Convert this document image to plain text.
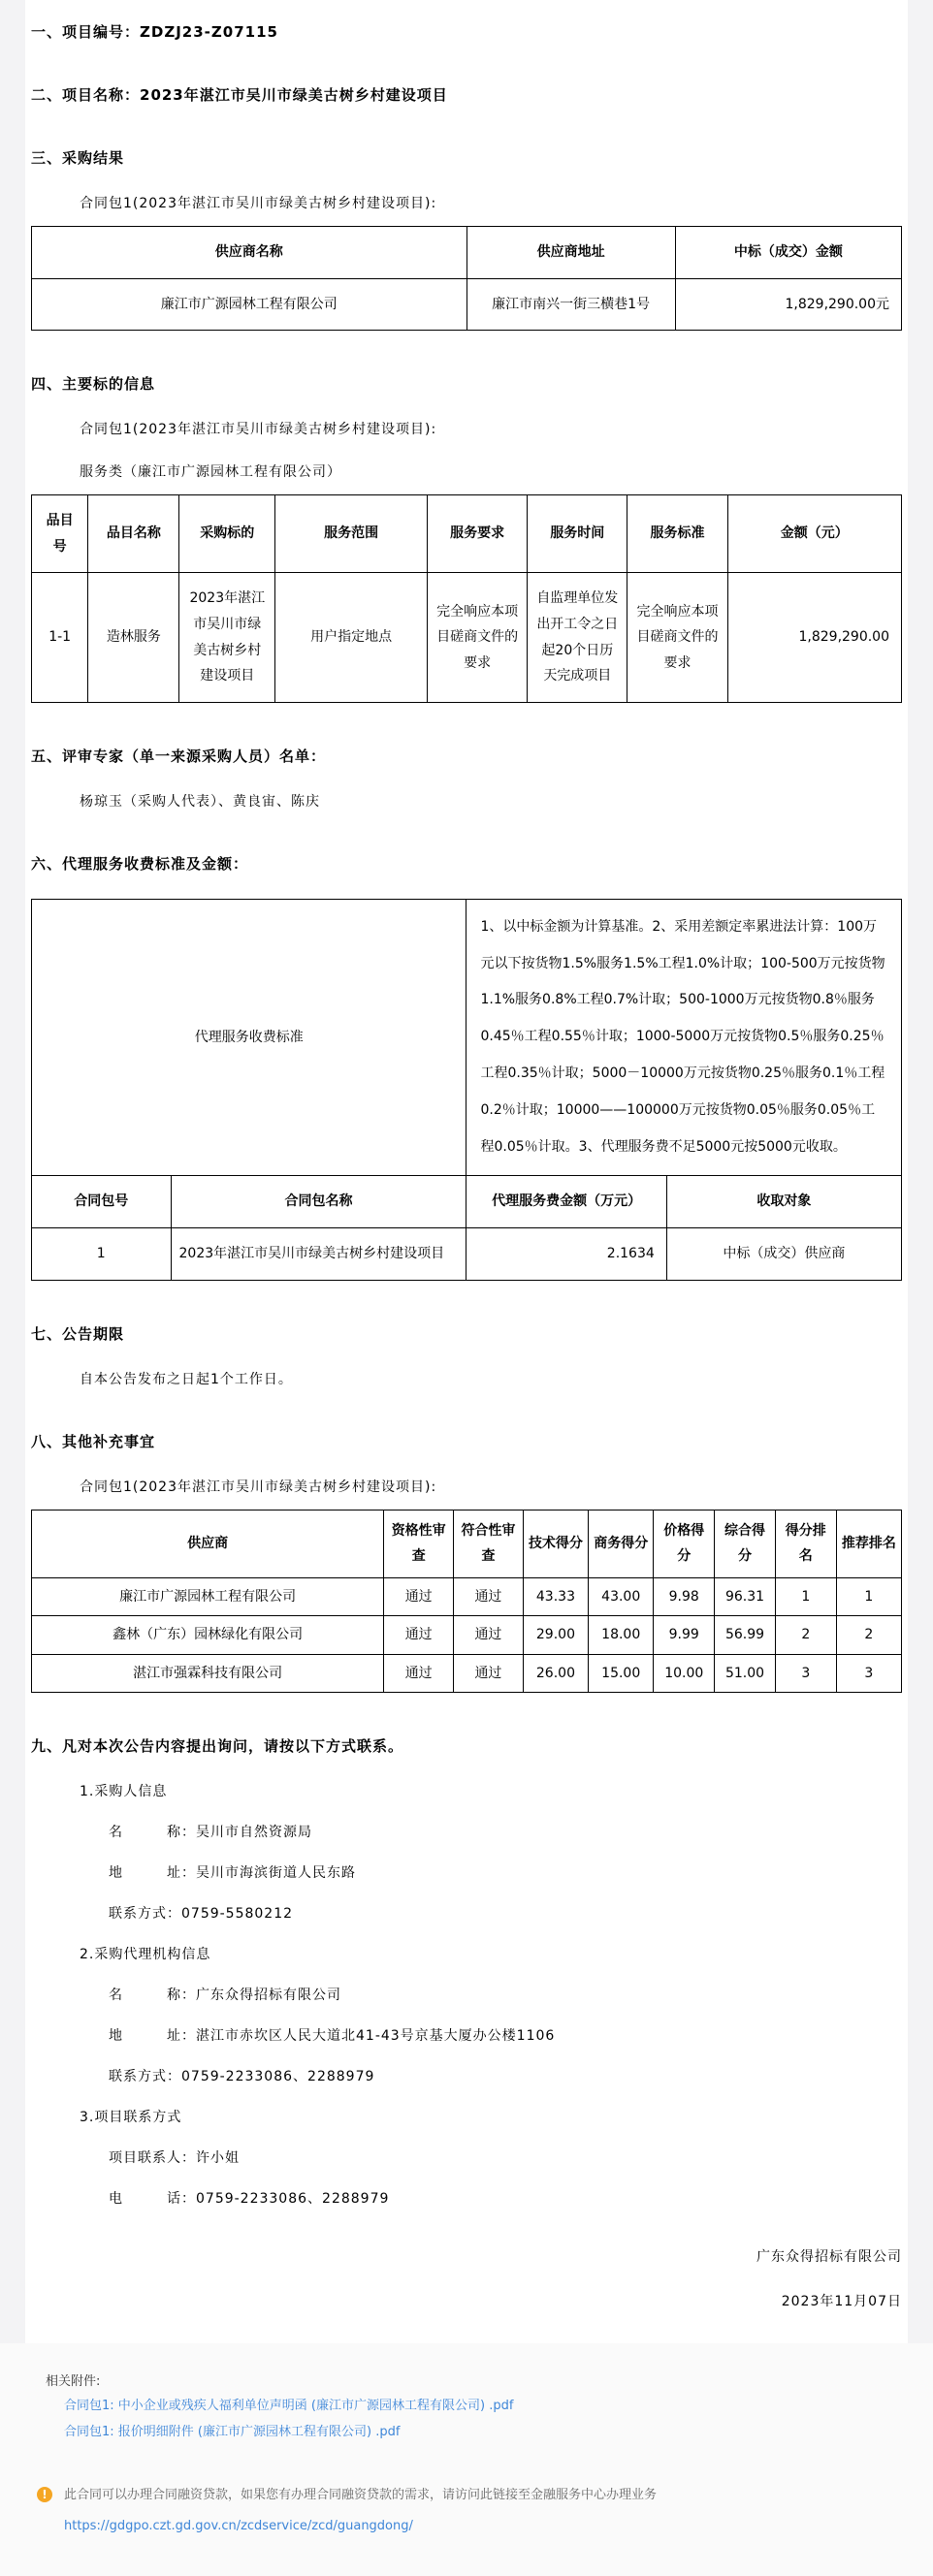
一、项目编号：ZDZJ23-Z07115
二、项目名称：2023年湛江市吴川市绿美古树乡村建设项目
三、采购结果
合同包1(2023年湛江市吴川市绿美古树乡村建设项目):
供应商名称	供应商地址	中标（成交）金额
廉江市广源园林工程有限公司	廉江市南兴一街三横巷1号	1,829,290.00元
四、主要标的信息
合同包1(2023年湛江市吴川市绿美古树乡村建设项目):
服务类（廉江市广源园林工程有限公司）
品目号	品目名称	采购标的	服务范围	服务要求	服务时间	服务标准	金额（元）
1-1	造林服务	2023年湛江市吴川市绿美古树乡村建设项目	用户指定地点	完全响应本项目磋商文件的要求	自监理单位发出开工令之日起20个日历天完成项目	完全响应本项目磋商文件的要求	1,829,290.00
五、评审专家（单一来源采购人员）名单：
杨琼玉（采购人代表）、黄良宙、陈庆
六、代理服务收费标准及金额：
代理服务收费标准		1、以中标金额为计算基准。2、采用差额定率累进法计算：100万元以下按货物1.5%服务1.5%工程1.0%计取；100-500万元按货物1.1%服务0.8%工程0.7%计取；500-1000万元按货物0.8％服务0.45％工程0.55％计取；1000-5000万元按货物0.5％服务0.25％工程0.35％计取；5000－10000万元按货物0.25％服务0.1％工程0.2％计取；10000——100000万元按货物0.05％服务0.05％工程0.05％计取。3、代理服务费不足5000元按5000元收取。	
合同包号	合同包名称	代理服务费金额（万元）	收取对象
1	2023年湛江市吴川市绿美古树乡村建设项目	2.1634	中标（成交）供应商
七、公告期限
自本公告发布之日起1个工作日。
八、其他补充事宜
合同包1(2023年湛江市吴川市绿美古树乡村建设项目):
供应商	资格性审查	符合性审查	技术得分	商务得分	价格得分	综合得分	得分排名	推荐排名
廉江市广源园林工程有限公司	通过	通过	43.33	43.00	9.98	96.31	1	1
鑫林（广东）园林绿化有限公司	通过	通过	29.00	18.00	9.99	56.99	2	2
湛江市强霖科技有限公司	通过	通过	26.00	15.00	10.00	51.00	3	3
九、凡对本次公告内容提出询问，请按以下方式联系。
1.采购人信息
名　　　称：吴川市自然资源局
地　　　址：吴川市海滨街道人民东路
联系方式：0759-5580212
2.采购代理机构信息
名　　　称：广东众得招标有限公司
地　　　址：湛江市赤坎区人民大道北41-43号京基大厦办公楼1106
联系方式：0759-2233086、2288979
3.项目联系方式
项目联系人：许小姐
电　　　话：0759-2233086、2288979
广东众得招标有限公司
2023年11月07日
相关附件:
合同包1: 中小企业或残疾人福利单位声明函 (廉江市广源园林工程有限公司) .pdf
合同包1: 报价明细附件 (廉江市广源园林工程有限公司) .pdf
!	此合同可以办理合同融资贷款，如果您有办理合同融资贷款的需求，请访问此链接至金融服务中心办理业务
https://gdgpo.czt.gd.gov.cn/zcdservice/zcd/guangdong/
